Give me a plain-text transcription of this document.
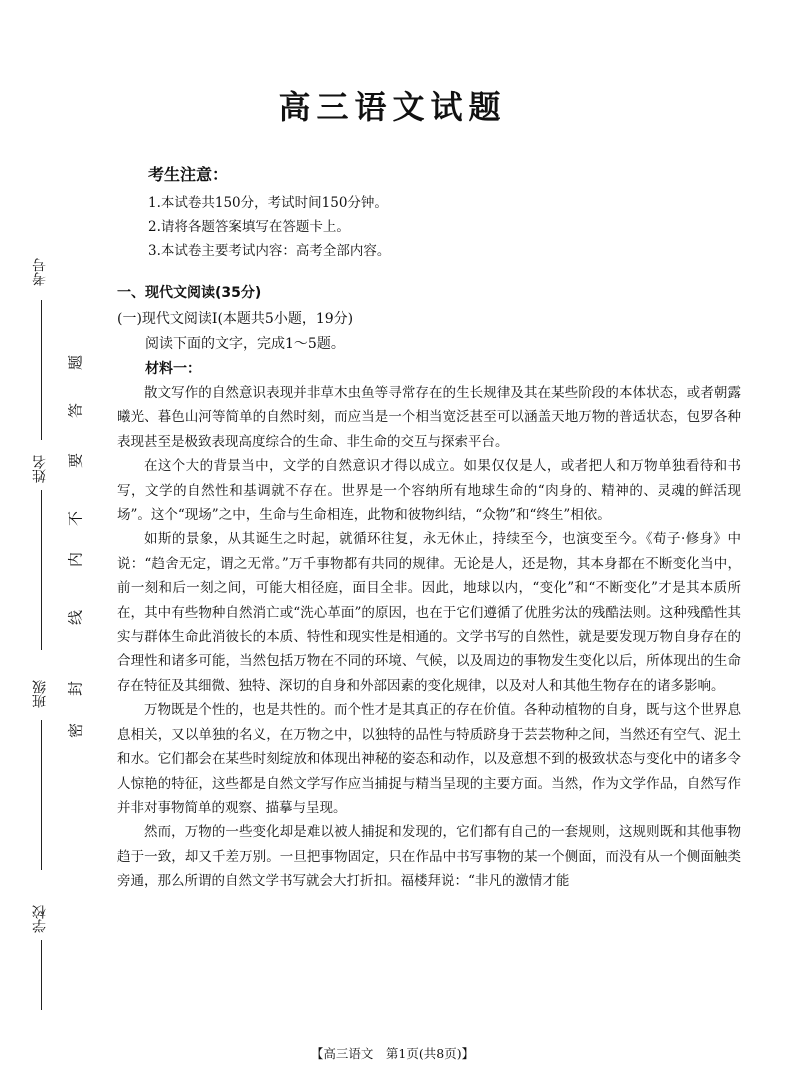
考号
姓名
班级
学校
密
封
线
内
不
要
答
题
高三语文试题
考生注意：
1.本试卷共150分，考试时间150分钟。
2.请将各题答案填写在答题卡上。
3.本试卷主要考试内容：高考全部内容。
一、现代文阅读(35分)
(一)现代文阅读Ⅰ(本题共5小题，19分)
阅读下面的文字，完成1～5题。
材料一：

散文写作的自然意识表现并非草木虫鱼等寻常存在的生长规律及其在某些阶段的本体状态，或者朝露曦光、暮色山河等简单的自然时刻，而应当是一个相当宽泛甚至可以涵盖天地万物的普适状态，包罗各种表现甚至是极致表现高度综合的生命、非生命的交互与探索平台。

在这个大的背景当中，文学的自然意识才得以成立。如果仅仅是人，或者把人和万物单独看待和书写，文学的自然性和基调就不存在。世界是一个容纳所有地球生命的“肉身的、精神的、灵魂的鲜活现场”。这个“现场”之中，生命与生命相连，此物和彼物纠结，“众物”和“终生”相依。

如斯的景象，从其诞生之时起，就循环往复，永无休止，持续至今，也演变至今。《荀子·修身》中说：“趋舍无定，谓之无常。”万千事物都有共同的规律。无论是人，还是物，其本身都在不断变化当中，前一刻和后一刻之间，可能大相径庭，面目全非。因此，地球以内，“变化”和“不断变化”才是其本质所在，其中有些物种自然消亡或“洗心革面”的原因，也在于它们遵循了优胜劣汰的残酷法则。这种残酷性其实与群体生命此消彼长的本质、特性和现实性是相通的。文学书写的自然性，就是要发现万物自身存在的合理性和诸多可能，当然包括万物在不同的环境、气候，以及周边的事物发生变化以后，所体现出的生命存在特征及其细微、独特、深切的自身和外部因素的变化规律，以及对人和其他生物存在的诸多影响。

万物既是个性的，也是共性的。而个性才是其真正的存在价值。各种动植物的自身，既与这个世界息息相关，又以单独的名义，在万物之中，以独特的品性与特质跻身于芸芸物种之间，当然还有空气、泥土和水。它们都会在某些时刻绽放和体现出神秘的姿态和动作，以及意想不到的极致状态与变化中的诸多令人惊艳的特征，这些都是自然文学写作应当捕捉与精当呈现的主要方面。当然，作为文学作品，自然写作并非对事物简单的观察、描摹与呈现。

然而，万物的一些变化却是难以被人捕捉和发现的，它们都有自己的一套规则，这规则既和其他事物趋于一致，却又千差万别。一旦把事物固定，只在作品中书写事物的某一个侧面，而没有从一个侧面触类旁通，那么所谓的自然文学书写就会大打折扣。福楼拜说：“非凡的激情才能

【高三语文　第1页(共8页)】
